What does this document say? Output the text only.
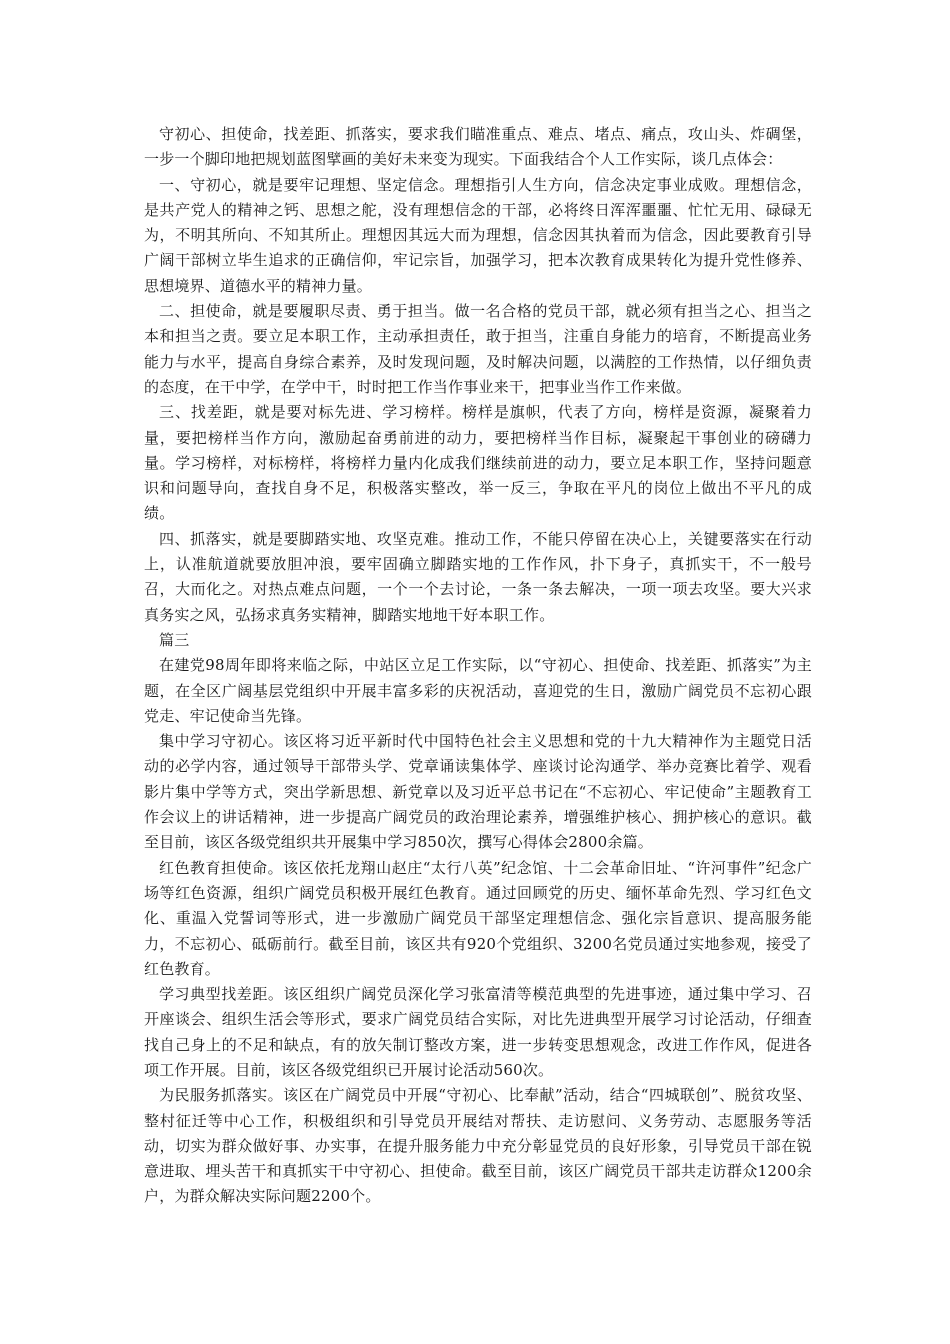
守初心、担使命，找差距、抓落实，要求我们瞄准重点、难点、堵点、痛点，攻山头、炸碉堡，一步一个脚印地把规划蓝图擘画的美好未来变为现实。下面我结合个人工作实际，谈几点体会：

一、守初心，就是要牢记理想、坚定信念。理想指引人生方向，信念决定事业成败。理想信念，是共产党人的精神之钙、思想之舵，没有理想信念的干部，必将终日浑浑噩噩、忙忙无用、碌碌无为，不明其所向、不知其所止。理想因其远大而为理想，信念因其执着而为信念，因此要教育引导广阔干部树立毕生追求的正确信仰，牢记宗旨，加强学习，把本次教育成果转化为提升党性修养、思想境界、道德水平的精神力量。

二、担使命，就是要履职尽责、勇于担当。做一名合格的党员干部，就必须有担当之心、担当之本和担当之责。要立足本职工作，主动承担责任，敢于担当，注重自身能力的培育，不断提高业务能力与水平，提高自身综合素养，及时发现问题，及时解决问题，以满腔的工作热情，以仔细负责的态度，在干中学，在学中干，时时把工作当作事业来干，把事业当作工作来做。

三、找差距，就是要对标先进、学习榜样。榜样是旗帜，代表了方向，榜样是资源，凝聚着力量，要把榜样当作方向，激励起奋勇前进的动力，要把榜样当作目标，凝聚起干事创业的磅礴力量。学习榜样，对标榜样，将榜样力量内化成我们继续前进的动力，要立足本职工作，坚持问题意识和问题导向，查找自身不足，积极落实整改，举一反三，争取在平凡的岗位上做出不平凡的成绩。

四、抓落实，就是要脚踏实地、攻坚克难。推动工作，不能只停留在决心上，关键要落实在行动上，认准航道就要放胆冲浪，要牢固确立脚踏实地的工作作风，扑下身子，真抓实干，不一般号召，大而化之。对热点难点问题，一个一个去讨论，一条一条去解决，一项一项去攻坚。要大兴求真务实之风，弘扬求真务实精神，脚踏实地地干好本职工作。

篇三

在建党98周年即将来临之际，中站区立足工作实际，以“守初心、担使命、找差距、抓落实”为主题，在全区广阔基层党组织中开展丰富多彩的庆祝活动，喜迎党的生日，激励广阔党员不忘初心跟党走、牢记使命当先锋。

集中学习守初心。该区将习近平新时代中国特色社会主义思想和党的十九大精神作为主题党日活动的必学内容，通过领导干部带头学、党章诵读集体学、座谈讨论沟通学、举办竞赛比着学、观看影片集中学等方式，突出学新思想、新党章以及习近平总书记在“不忘初心、牢记使命”主题教育工作会议上的讲话精神，进一步提高广阔党员的政治理论素养，增强维护核心、拥护核心的意识。截至目前，该区各级党组织共开展集中学习850次，撰写心得体会2800余篇。

红色教育担使命。该区依托龙翔山赵庄“太行八英”纪念馆、十二会革命旧址、“许河事件”纪念广场等红色资源，组织广阔党员积极开展红色教育。通过回顾党的历史、缅怀革命先烈、学习红色文化、重温入党誓词等形式，进一步激励广阔党员干部坚定理想信念、强化宗旨意识、提高服务能力，不忘初心、砥砺前行。截至目前，该区共有920个党组织、3200名党员通过实地参观，接受了红色教育。

学习典型找差距。该区组织广阔党员深化学习张富清等模范典型的先进事迹，通过集中学习、召开座谈会、组织生活会等形式，要求广阔党员结合实际，对比先进典型开展学习讨论活动，仔细查找自己身上的不足和缺点，有的放矢制订整改方案，进一步转变思想观念，改进工作作风，促进各项工作开展。目前，该区各级党组织已开展讨论活动560次。

为民服务抓落实。该区在广阔党员中开展“守初心、比奉献”活动，结合“四城联创”、脱贫攻坚、整村征迁等中心工作，积极组织和引导党员开展结对帮扶、走访慰问、义务劳动、志愿服务等活动，切实为群众做好事、办实事，在提升服务能力中充分彰显党员的良好形象，引导党员干部在锐意进取、埋头苦干和真抓实干中守初心、担使命。截至目前，该区广阔党员干部共走访群众1200余户，为群众解决实际问题2200个。
